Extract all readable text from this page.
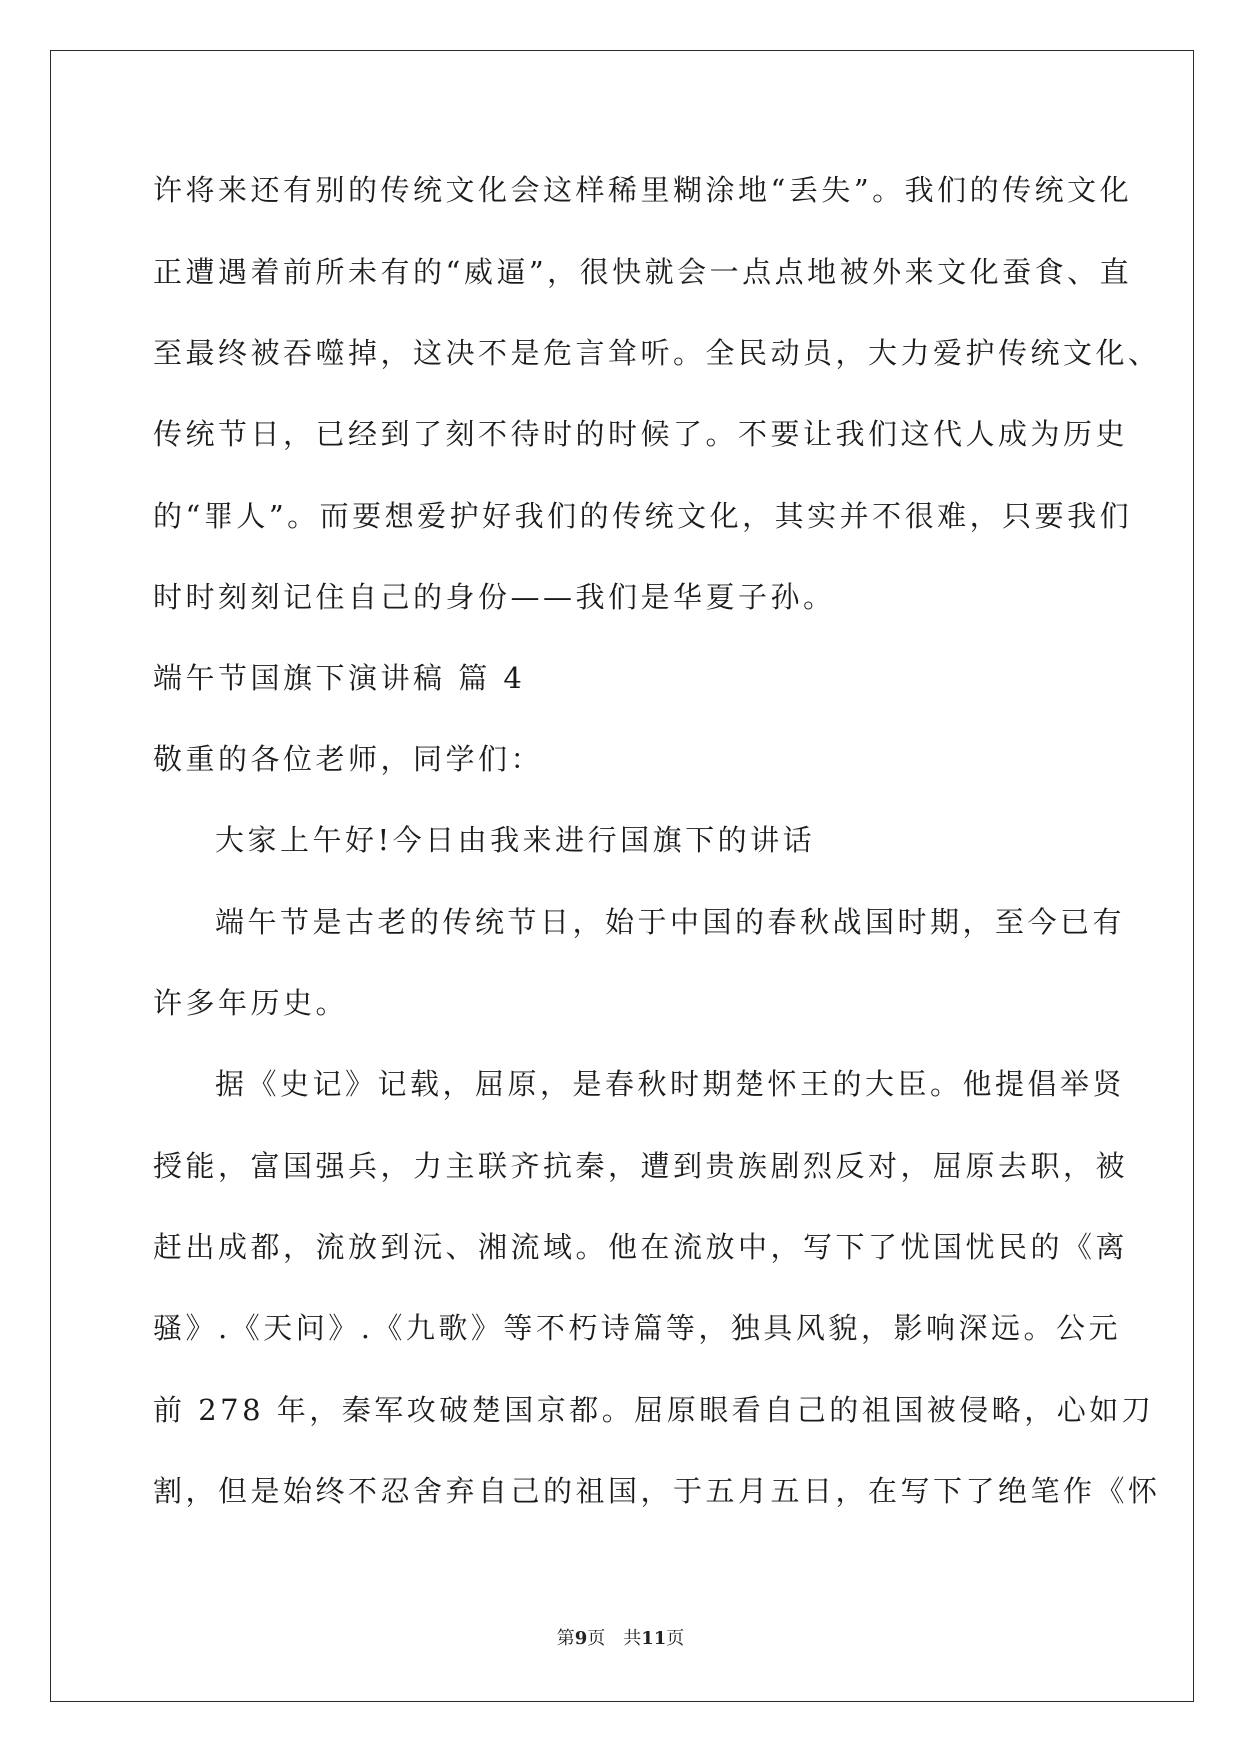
许将来还有别的传统文化会这样稀里糊涂地“丢失”。我们的传统文化
正遭遇着前所未有的“威逼”，很快就会一点点地被外来文化蚕食、直
至最终被吞噬掉，这决不是危言耸听。全民动员，大力爱护传统文化、
传统节日，已经到了刻不待时的时候了。不要让我们这代人成为历史
的“罪人”。而要想爱护好我们的传统文化，其实并不很难，只要我们
时时刻刻记住自己的身份——我们是华夏子孙。
端午节国旗下演讲稿 篇 4
敬重的各位老师，同学们：
大家上午好!今日由我来进行国旗下的讲话
端午节是古老的传统节日，始于中国的春秋战国时期，至今已有
许多年历史。
据《史记》记载，屈原，是春秋时期楚怀王的大臣。他提倡举贤
授能，富国强兵，力主联齐抗秦，遭到贵族剧烈反对，屈原去职，被
赶出成都，流放到沅、湘流域。他在流放中，写下了忧国忧民的《离
骚》.《天问》.《九歌》等不朽诗篇等，独具风貌，影响深远。公元
前 278 年，秦军攻破楚国京都。屈原眼看自己的祖国被侵略，心如刀
割，但是始终不忍舍弃自己的祖国，于五月五日，在写下了绝笔作《怀
第9页　共11页
